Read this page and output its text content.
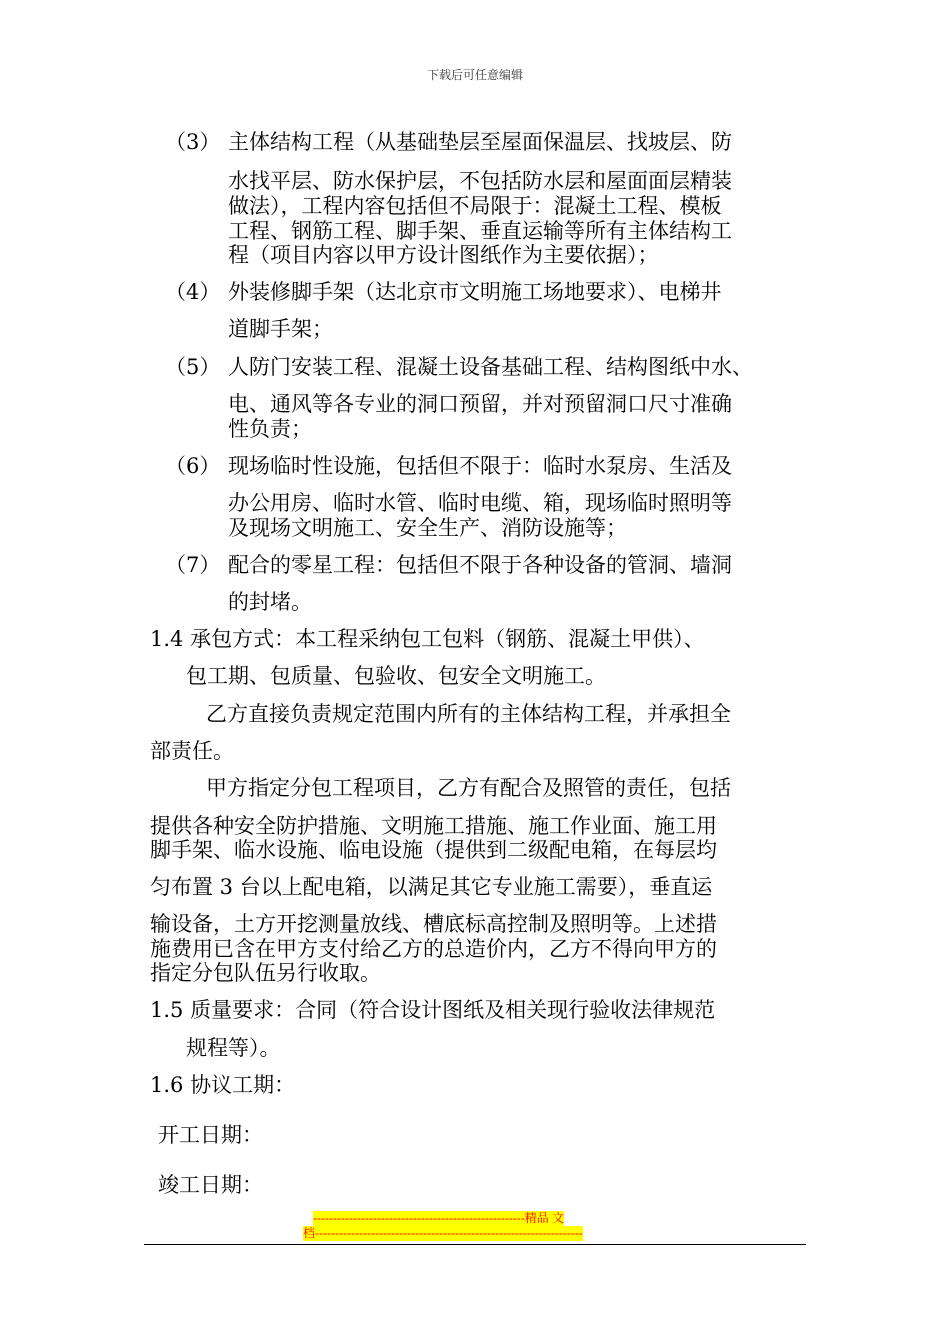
下载后可任意编辑
（3） 主体结构工程（从基础垫层至屋面保温层、找坡层、防
水找平层、防水保护层，不包括防水层和屋面面层精装
做法），工程内容包括但不局限于：混凝土工程、模板
工程、钢筋工程、脚手架、垂直运输等所有主体结构工
程（项目内容以甲方设计图纸作为主要依据）；
（4） 外装修脚手架（达北京市文明施工场地要求）、电梯井
道脚手架；
（5） 人防门安装工程、混凝土设备基础工程、结构图纸中水、
电、通风等各专业的洞口预留，并对预留洞口尺寸准确
性负责；
（6） 现场临时性设施，包括但不限于：临时水泵房、生活及
办公用房、临时水管、临时电缆、箱，现场临时照明等
及现场文明施工、安全生产、消防设施等；
（7） 配合的零星工程：包括但不限于各种设备的管洞、墙洞
的封堵。
1.4 承包方式：本工程采纳包工包料（钢筋、混凝土甲供）、
包工期、包质量、包验收、包安全文明施工。
乙方直接负责规定范围内所有的主体结构工程，并承担全
部责任。
甲方指定分包工程项目，乙方有配合及照管的责任，包括
提供各种安全防护措施、文明施工措施、施工作业面、施工用
脚手架、临水设施、临电设施（提供到二级配电箱，在每层均
匀布置 3 台以上配电箱，以满足其它专业施工需要），垂直运
输设备，土方开挖测量放线、槽底标高控制及照明等。上述措
施费用已含在甲方支付给乙方的总造价内，乙方不得向甲方的
指定分包队伍另行收取。
1.5 质量要求：合同（符合设计图纸及相关现行验收法律规范
规程等）。
1.6 协议工期：
开工日期：
竣工日期：
-----------------------------------------------------精品 文
档-------------------------------------------------------------------
